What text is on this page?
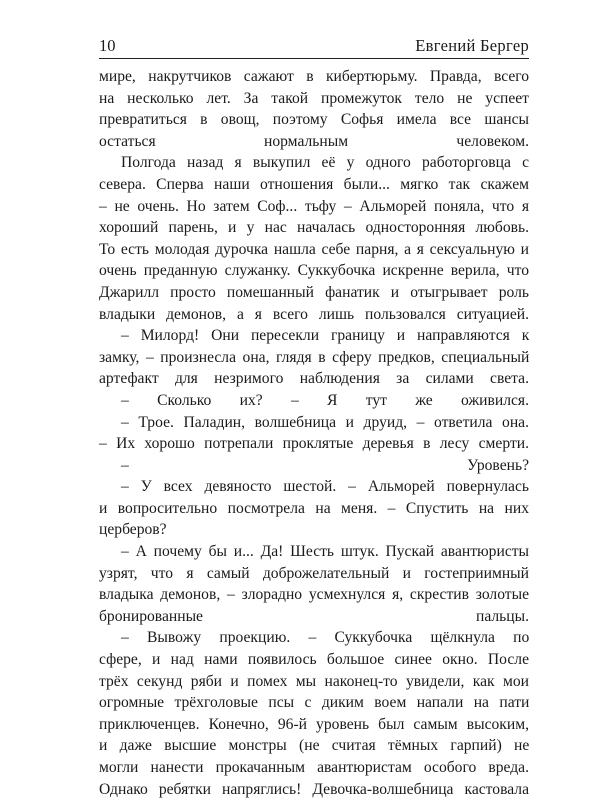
10	Евгений Бергер
мире, накрутчиков сажают в кибертюрьму. Правда, всего
на несколько лет. За такой промежуток тело не успеет
превратиться в овощ, поэтому Софья имела все шансы
остаться нормальным человеком.
Полгода назад я выкупил её у одного работорговца с
севера. Сперва наши отношения были... мягко так скажем
– не очень. Но затем Соф... тьфу – Альморей поняла, что я
хороший парень, и у нас началась односторонняя любовь.
То есть молодая дурочка нашла себе парня, а я сексуальную и
очень преданную служанку. Суккубочка искренне верила, что
Джарилл просто помешанный фанатик и отыгрывает роль
владыки демонов, а я всего лишь пользовался ситуацией.
– Милорд! Они пересекли границу и направляются к
замку, – произнесла она, глядя в сферу предков, специальный
артефакт для незримого наблюдения за силами света.
– Сколько их? – Я тут же оживился.
– Трое. Паладин, волшебница и друид, – ответила она.
– Их хорошо потрепали проклятые деревья в лесу смерти.
– Уровень?
– У всех девяносто шестой. – Альморей повернулась
и вопросительно посмотрела на меня. – Спустить на них
церберов?
– А почему бы и... Да! Шесть штук. Пускай авантюристы
узрят, что я самый доброжелательный и гостеприимный
владыка демонов, – злорадно усмехнулся я, скрестив золотые
бронированные пальцы.
– Вывожу проекцию. – Суккубочка щёлкнула по
сфере, и над нами появилось большое синее окно. После
трёх секунд ряби и помех мы наконец-то увидели, как мои
огромные трёхголовые псы с диким воем напали на пати
приключенцев. Конечно, 96-й уровень был самым высоким,
и даже высшие монстры (не считая тёмных гарпий) не
могли нанести прокачанным авантюристам особого вреда.
Однако ребятки напряглись! Девочка-волшебница кастовала
